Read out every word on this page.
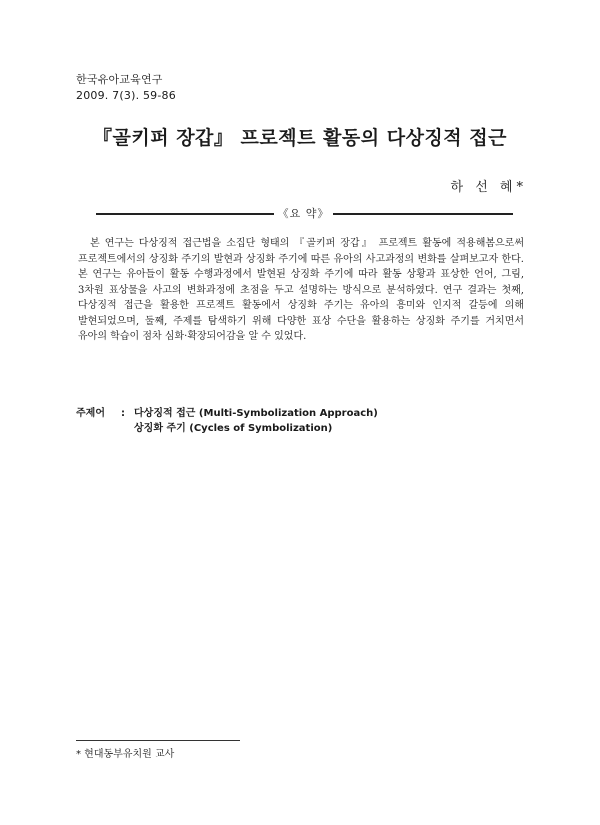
한국유아교육연구
2009. 7(3). 59-86
『골키퍼 장갑』 프로젝트 활동의 다상징적 접근
하 선 혜*
《요 약》

본 연구는 다상징적 접근법을 소집단 형태의 『골키퍼 장갑』 프로젝트 활동에 적용해봄으로써 프로젝트에서의 상징화 주기의 발현과 상징화 주기에 따른 유아의 사고과정의 변화를 살펴보고자 한다. 본 연구는 유아들이 활동 수행과정에서 발현된 상징화 주기에 따라 활동 상황과 표상한 언어, 그림, 3차원 표상물을 사고의 변화과정에 초점을 두고 설명하는 방식으로 분석하였다. 연구 결과는 첫째, 다상징적 접근을 활용한 프로젝트 활동에서 상징화 주기는 유아의 흥미와 인지적 갈등에 의해 발현되었으며, 둘째, 주제를 탐색하기 위해 다양한 표상 수단을 활용하는 상징화 주기를 거치면서 유아의 학습이 점차 심화·확장되어감을 알 수 있었다.

주제어 : 다상징적 접근 (Multi-Symbolization Approach)
상징화 주기 (Cycles of Symbolization)
* 현대동부유치원 교사
